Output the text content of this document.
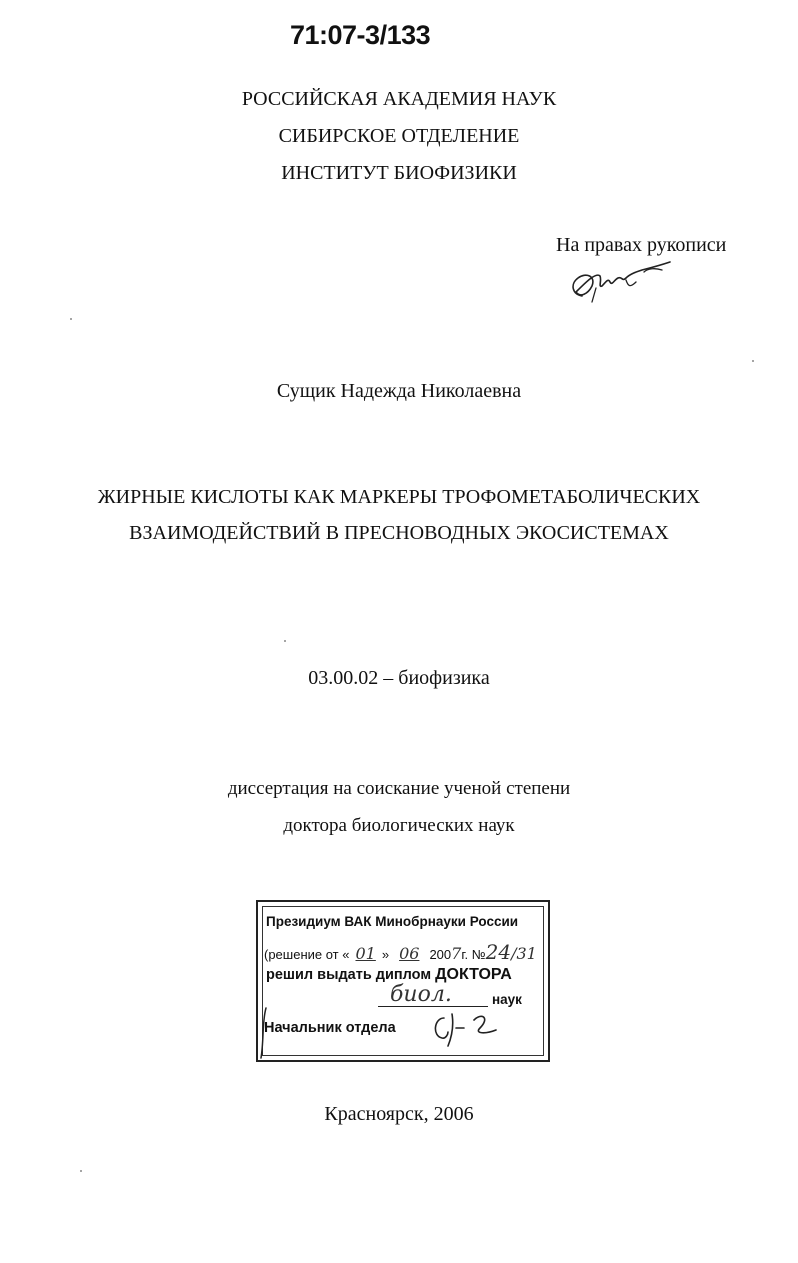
71:07-3/133
РОССИЙСКАЯ АКАДЕМИЯ НАУК
СИБИРСКОЕ ОТДЕЛЕНИЕ
ИНСТИТУТ БИОФИЗИКИ
На правах рукописи
Сущик Надежда Николаевна
ЖИРНЫЕ КИСЛОТЫ КАК МАРКЕРЫ ТРОФОМЕТАБОЛИЧЕСКИХ
ВЗАИМОДЕЙСТВИЙ В ПРЕСНОВОДНЫХ ЭКОСИСТЕМАХ
03.00.02 – биофизика
диссертация на соискание ученой степени
доктора биологических наук
Президиум ВАК Минобрнауки России
(решение от « 01 » 06 2007г. №24/31
решил выдать диплом ДОКТОРА
биол.	наук
Начальник отдела
Красноярск, 2006
